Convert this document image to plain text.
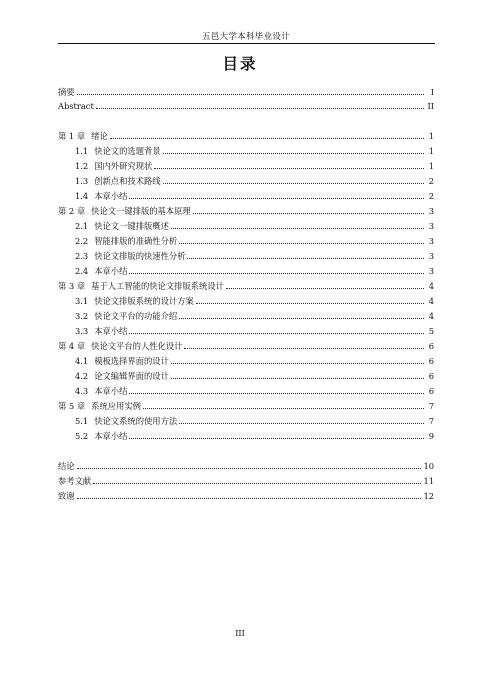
五邑大学本科毕业设计
目录
摘要	I
Abstract	II
第 1 章 绪论	1
1.1 快论文的选题背景	1
1.2 国内外研究现状	1
1.3 创新点和技术路线	2
1.4 本章小结	2
第 2 章 快论文一键排版的基本原理	3
2.1 快论文一键排版概述	3
2.2 智能排版的准确性分析	3
2.3 快论文排版的快速性分析	3
2.4 本章小结	3
第 3 章 基于人工智能的快论文排版系统设计	4
3.1 快论文排版系统的设计方案	4
3.2 快论文平台的功能介绍	4
3.3 本章小结	5
第 4 章 快论文平台的人性化设计	6
4.1 模板选择界面的设计	6
4.2 论文编辑界面的设计	6
4.3 本章小结	6
第 5 章 系统应用实例	7
5.1 快论文系统的使用方法	7
5.2 本章小结	9
结论	10
参考文献	11
致谢	12
III
